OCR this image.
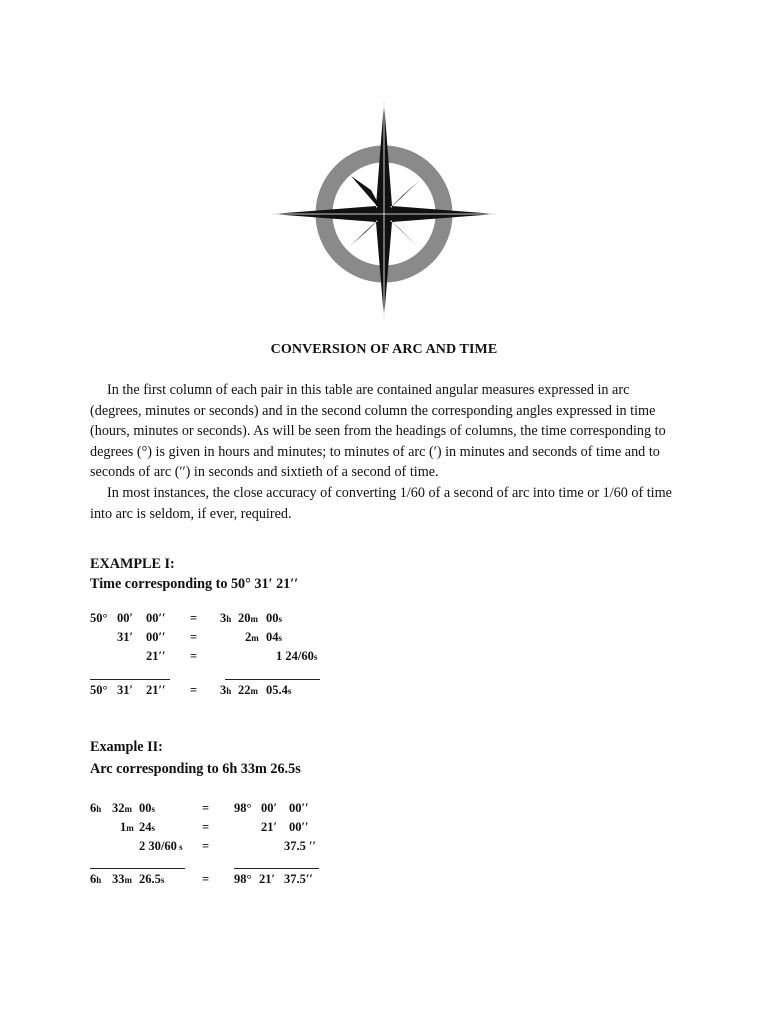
CONVERSION OF ARC AND TIME

In the first column of each pair in this table are contained angular measures expressed in arc (degrees, minutes or seconds) and in the second column the corresponding angles expressed in time (hours, minutes or seconds). As will be seen from the headings of columns, the time corresponding to degrees (°) is given in hours and minutes; to minutes of arc (′) in minutes and seconds of time and to seconds of arc (′′) in seconds and sixtieth of a second of time.

In most instances, the close accuracy of converting 1/60 of a second of arc into time or 1/60 of time into arc is seldom, if ever, required.

EXAMPLE I:
Time corresponding to 50° 31′ 21′′
50° 00′ 00′′ = 3h 20m 00s
31′ 00′′ =	2m 04s
21′′ =	1 24/60s
50° 31′ 21′′ = 3h 22m 05.4s
Example II:
Arc corresponding to 6h 33m 26.5s
6h 32m 00s	= 98° 00′ 00′′
1m 24s	=	21′ 00′′
2 30/60 s =	37.5 ′′
6h 33m 26.5s	= 98° 21′ 37.5′′
